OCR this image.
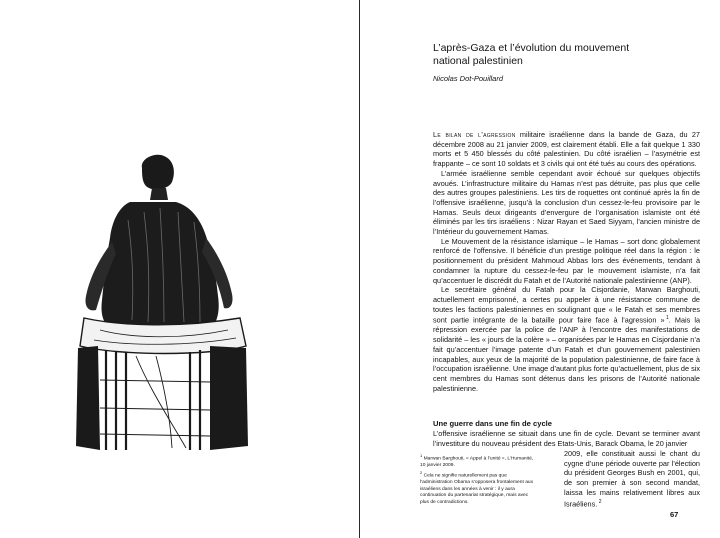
L’après-Gaza et l’évolution du mouvement
national palestinien
Nicolas Dot-Pouillard

Le bilan de l’agression militaire israélienne dans la bande de Gaza, du 27 décembre 2008 au 21 janvier 2009, est clairement établi. Elle a fait quelque 1 330 morts et 5 450 blessés du côté palestinien. Du côté israélien – l’asymétrie est frappante – ce sont 10 soldats et 3 civils qui ont été tués au cours des opérations.

L’armée israélienne semble cependant avoir échoué sur quelques objectifs avoués. L’infrastructure militaire du Hamas n’est pas détruite, pas plus que celle des autres groupes palestiniens. Les tirs de roquettes ont continué après la fin de l’offensive israélienne, jusqu’à la conclusion d’un cessez-le-feu provisoire par le Hamas. Seuls deux dirigeants d’envergure de l’organisation islamiste ont été éliminés par les tirs israéliens : Nizar Rayan et Saed Siyyam, l’ancien ministre de l’Intérieur du gouvernement Hamas.

Le Mouvement de la résistance islamique – le Hamas – sort donc globalement renforcé de l’offensive. Il bénéficie d’un prestige politique réel dans la région : le positionnement du président Mahmoud Abbas lors des événements, tendant à condamner la rupture du cessez-le-feu par le mouvement islamiste, n’a fait qu’accentuer le discrédit du Fatah et de l’Autorité nationale palestinienne (ANP).

Le secrétaire général du Fatah pour la Cisjordanie, Marwan Barghouti, actuellement emprisonné, a certes pu appeler à une résistance commune de toutes les factions palestiniennes en soulignant que « le Fatah et ses membres sont partie intégrante de la bataille pour faire face à l’agression » $^1$. Mais la répression exercée par la police de l’ANP à l’encontre des manifestations de solidarité – les « jours de la colère » – organisées par le Hamas en Cisjordanie n’a fait qu’accentuer l’image patente d’un Fatah et d’un gouvernement palestinien incapables, aux yeux de la majorité de la population palestinienne, de faire face à l’occupation israélienne. Une image d’autant plus forte qu’actuellement, plus de six cent membres du Hamas sont détenus dans les prisons de l’Autorité nationale palestinienne.

Une guerre dans une fin de cycle
L’offensive israélienne se situait dans une fin de cycle. Devant se terminer avant l’investiture du nouveau président des Etats-Unis, Barack Obama, le 20 janvier
2009, elle constituait aussi le chant du cygne d’une période ouverte par l’élection du président Georges Bush en 2001, qui, de son premier à son second mandat, laissa les mains relativement libres aux Israéliens. $^2$

$^1$ Marwan Barghouti, « Appel à l’unité », L’Humanité, 10 janvier 2009.

$^2$ Cela ne signifie naturellement pas que l’administration Obama s’opposera frontalement aux israéliens dans les années à venir : il y aura continuation du partenariat stratégique, mais avec plus de contradictions.

67
